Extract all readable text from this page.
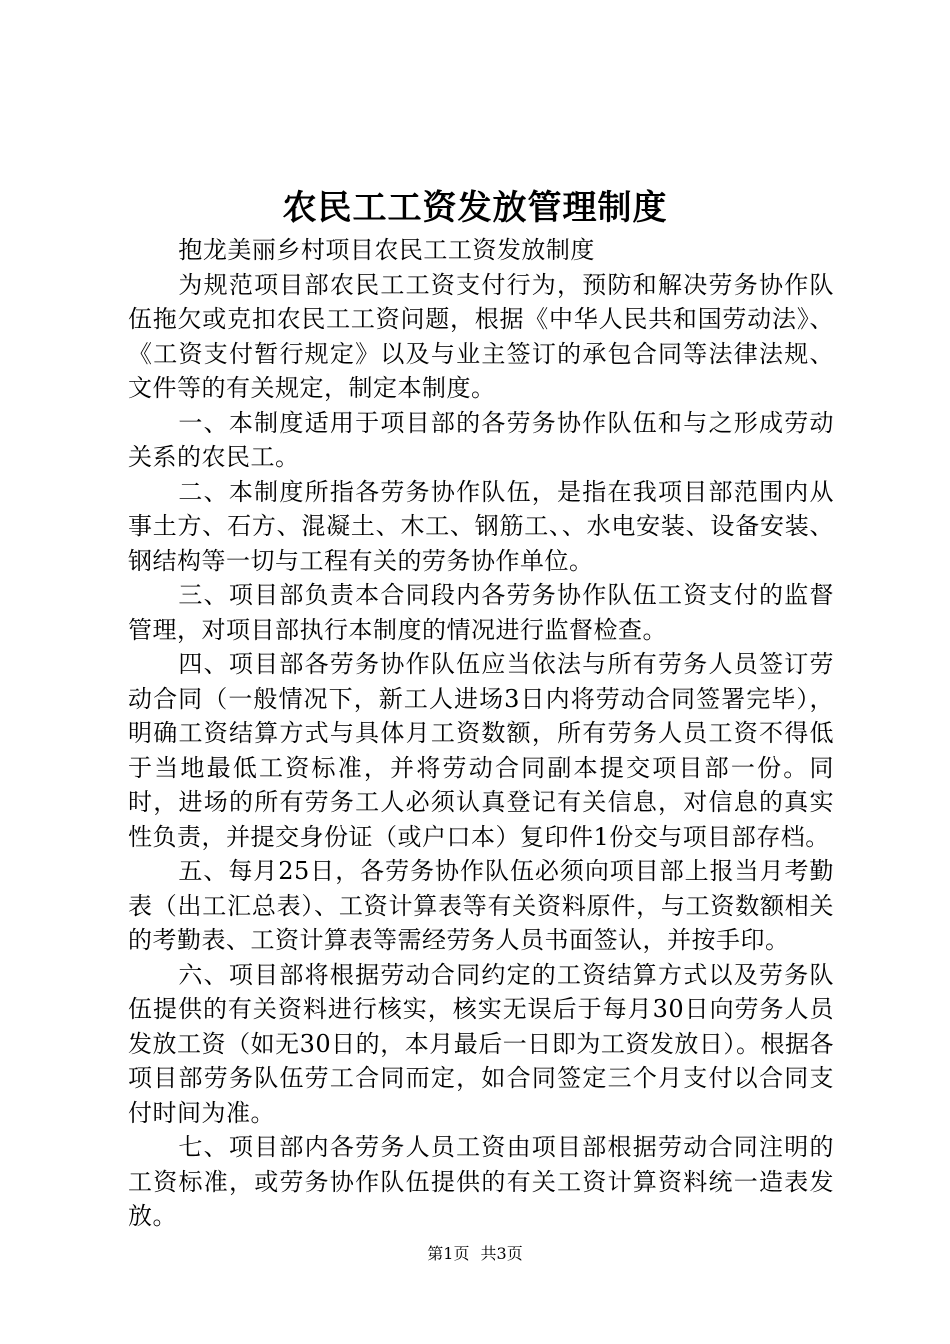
农民工工资发放管理制度

抱龙美丽乡村项目农民工工资发放制度

为规范项目部农民工工资支付行为，预防和解决劳务协作队伍拖欠或克扣农民工工资问题，根据《中华人民共和国劳动法》、《工资支付暂行规定》以及与业主签订的承包合同等法律法规、文件等的有关规定，制定本制度。

一、本制度适用于项目部的各劳务协作队伍和与之形成劳动关系的农民工。

二、本制度所指各劳务协作队伍，是指在我项目部范围内从事土方、石方、混凝土、木工、钢筋工、、水电安装、设备安装、钢结构等一切与工程有关的劳务协作单位。

三、项目部负责本合同段内各劳务协作队伍工资支付的监督管理，对项目部执行本制度的情况进行监督检查。

四、项目部各劳务协作队伍应当依法与所有劳务人员签订劳动合同（一般情况下，新工人进场3日内将劳动合同签署完毕），明确工资结算方式与具体月工资数额，所有劳务人员工资不得低于当地最低工资标准，并将劳动合同副本提交项目部一份。同时，进场的所有劳务工人必须认真登记有关信息，对信息的真实性负责，并提交身份证（或户口本）复印件1份交与项目部存档。

五、每月25日，各劳务协作队伍必须向项目部上报当月考勤表（出工汇总表）、工资计算表等有关资料原件，与工资数额相关的考勤表、工资计算表等需经劳务人员书面签认，并按手印。

六、项目部将根据劳动合同约定的工资结算方式以及劳务队伍提供的有关资料进行核实，核实无误后于每月30日向劳务人员发放工资（如无30日的，本月最后一日即为工资发放日）。根据各项目部劳务队伍劳工合同而定，如合同签定三个月支付以合同支付时间为准。

七、项目部内各劳务人员工资由项目部根据劳动合同注明的工资标准，或劳务协作队伍提供的有关工资计算资料统一造表发放。

第1页 共3页
